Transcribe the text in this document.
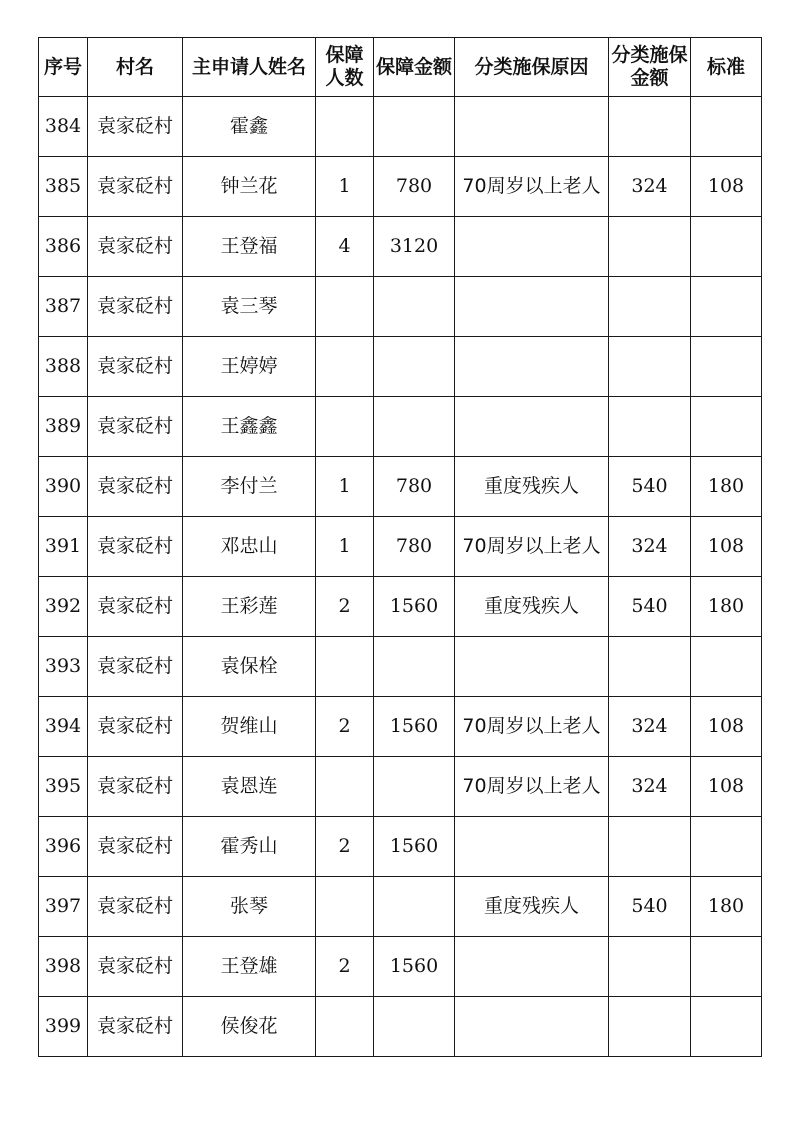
序号	村名	主申请人姓名	保障人数	保障金额	分类施保原因	分类施保金额	标准
384	袁家砭村	霍鑫					
385	袁家砭村	钟兰花	1	780	70周岁以上老人	324	108
386	袁家砭村	王登福	4	3120			
387	袁家砭村	袁三琴					
388	袁家砭村	王婷婷					
389	袁家砭村	王鑫鑫					
390	袁家砭村	李付兰	1	780	重度残疾人	540	180
391	袁家砭村	邓忠山	1	780	70周岁以上老人	324	108
392	袁家砭村	王彩莲	2	1560	重度残疾人	540	180
393	袁家砭村	袁保栓					
394	袁家砭村	贺维山	2	1560	70周岁以上老人	324	108
395	袁家砭村	袁恩连			70周岁以上老人	324	108
396	袁家砭村	霍秀山	2	1560			
397	袁家砭村	张琴			重度残疾人	540	180
398	袁家砭村	王登雄	2	1560			
399	袁家砭村	侯俊花					
